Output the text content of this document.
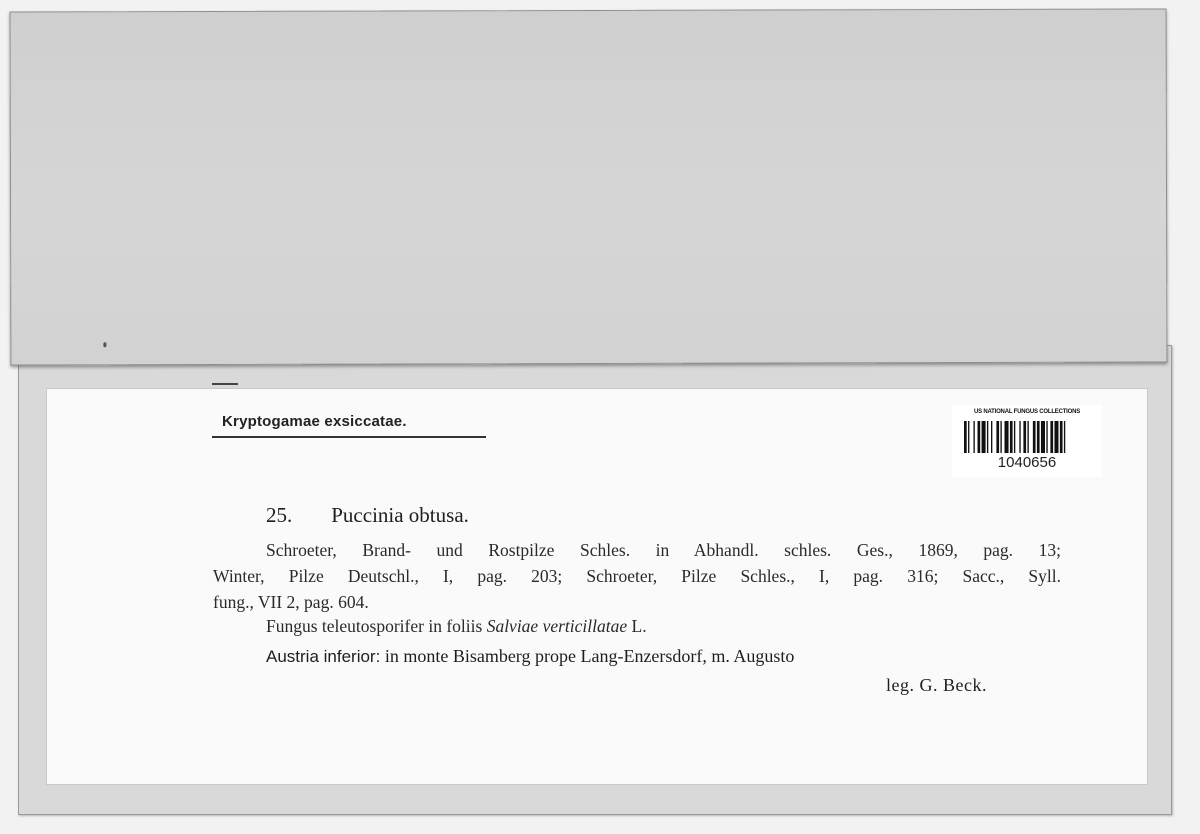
Kryptogamae exsiccatae.
US NATIONAL FUNGUS COLLECTIONS
1040656
25. Puccinia obtusa.
Schroeter, Brand- und Rostpilze Schles. in Abhandl. schles. Ges., 1869, pag. 13;
Winter, Pilze Deutschl., I, pag. 203; Schroeter, Pilze Schles., I, pag. 316; Sacc., Syll.
fung., VII 2, pag. 604.
Fungus teleutosporifer in foliis Salviae verticillatae L.
Austria inferior: in monte Bisamberg prope Lang-Enzersdorf, m. Augusto
leg. G. Beck.
